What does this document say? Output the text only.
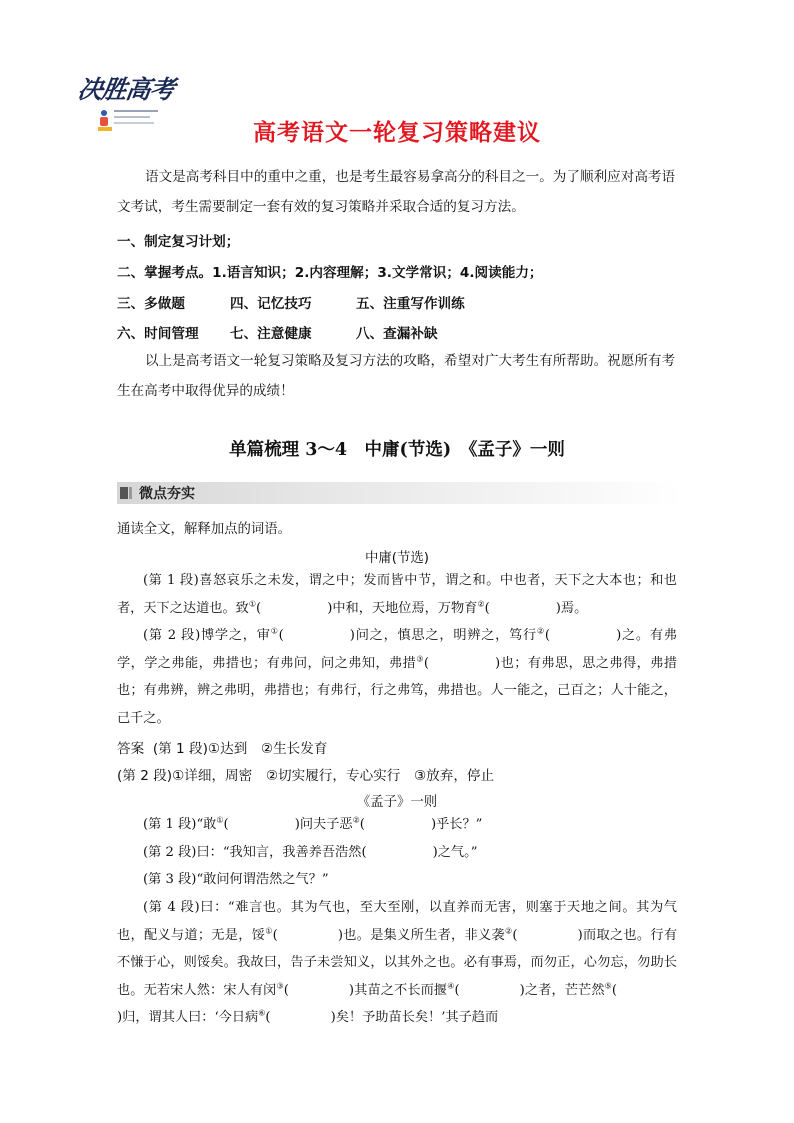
决胜高考
高考语文一轮复习策略建议
语文是高考科目中的重中之重，也是考生最容易拿高分的科目之一。为了顺利应对高考语文考试，考生需要制定一套有效的复习策略并采取合适的复习方法。
一、制定复习计划；
二、掌握考点。1.语言知识；2.内容理解；3.文学常识；4.阅读能力；
三、多做题	四、记忆技巧	五、注重写作训练
六、时间管理 七、注意健康	八、查漏补缺
以上是高考语文一轮复习策略及复习方法的攻略，希望对广大考生有所帮助。祝愿所有考生在高考中取得优异的成绩！
单篇梳理 3～4　中庸(节选)　《孟子》一则
微点夯实
通读全文，解释加点的词语。
中庸(节选)
(第 1 段)喜怒哀乐之未发，谓之中；发而皆中节，谓之和。中也者，天下之大本也；和也者，天下之达道也。致①(	)中和，天地位焉，万物育②(	)焉。
(第 2 段)博学之，审①(	)问之，慎思之，明辨之，笃行②(	)之。有弗学，学之弗能，弗措也；有弗问，问之弗知，弗措③(	)也；有弗思，思之弗得，弗措也；有弗辨，辨之弗明，弗措也；有弗行，行之弗笃，弗措也。人一能之，己百之；人十能之，己千之。
答案 (第 1 段)①达到　②生长发育
(第 2 段)①详细，周密　②切实履行，专心实行　③放弃，停止
《孟子》一则
(第 1 段)“敢①(	)问夫子恶②(	)乎长？”
(第 2 段)曰：“我知言，我善养吾浩然(	)之气。”
(第 3 段)“敢问何谓浩然之气？”
(第 4 段)曰：“难言也。其为气也，至大至刚，以直养而无害，则塞于天地之间。其为气也，配义与道；无是，馁①(	)也。是集义所生者，非义袭②(	)而取之也。行有不慊于心，则馁矣。我故曰，告子未尝知义，以其外之也。必有事焉，而勿正，心勿忘，勿助长也。无若宋人然：宋人有闵③(	)其苗之不长而揠④(	)之者，芒芒然⑤()归，谓其人曰：‘今日病⑥(	)矣！予助苗长矣！’其子趋而
